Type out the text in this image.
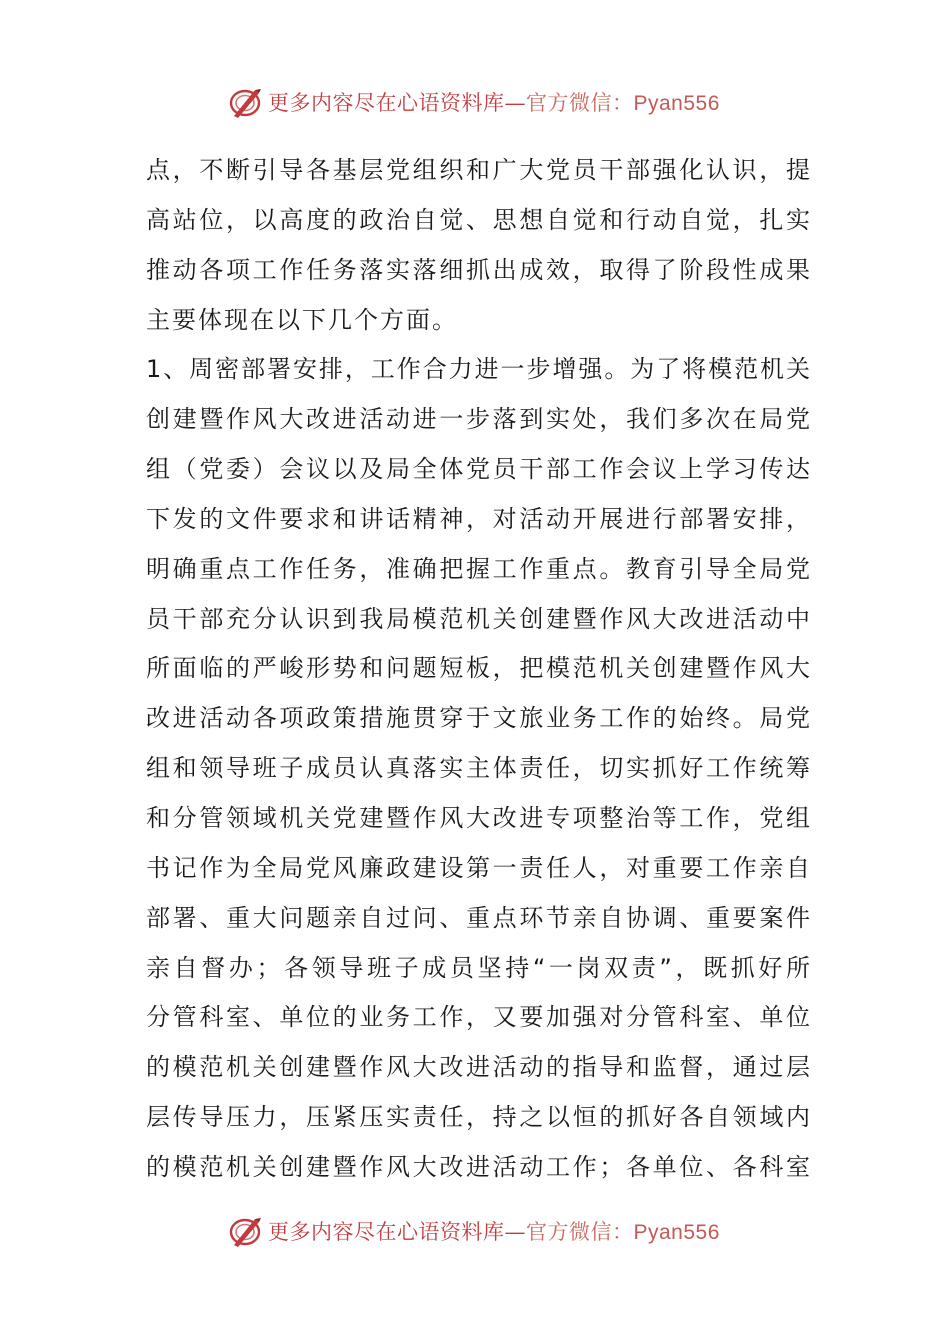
更多内容尽在心语资料库—官方微信：Pyan556
点，不断引导各基层党组织和广大党员干部强化认识，提
高站位，以高度的政治自觉、思想自觉和行动自觉，扎实
推动各项工作任务落实落细抓出成效，取得了阶段性成果
主要体现在以下几个方面。
1、周密部署安排，工作合力进一步增强。为了将模范机关
创建暨作风大改进活动进一步落到实处，我们多次在局党
组（党委）会议以及局全体党员干部工作会议上学习传达
下发的文件要求和讲话精神，对活动开展进行部署安排，
明确重点工作任务，准确把握工作重点。教育引导全局党
员干部充分认识到我局模范机关创建暨作风大改进活动中
所面临的严峻形势和问题短板，把模范机关创建暨作风大
改进活动各项政策措施贯穿于文旅业务工作的始终。局党
组和领导班子成员认真落实主体责任，切实抓好工作统筹
和分管领域机关党建暨作风大改进专项整治等工作，党组
书记作为全局党风廉政建设第一责任人，对重要工作亲自
部署、重大问题亲自过问、重点环节亲自协调、重要案件
亲自督办；各领导班子成员坚持“一岗双责”，既抓好所
分管科室、单位的业务工作，又要加强对分管科室、单位
的模范机关创建暨作风大改进活动的指导和监督，通过层
层传导压力，压紧压实责任，持之以恒的抓好各自领域内
的模范机关创建暨作风大改进活动工作；各单位、各科室
更多内容尽在心语资料库—官方微信：Pyan556
